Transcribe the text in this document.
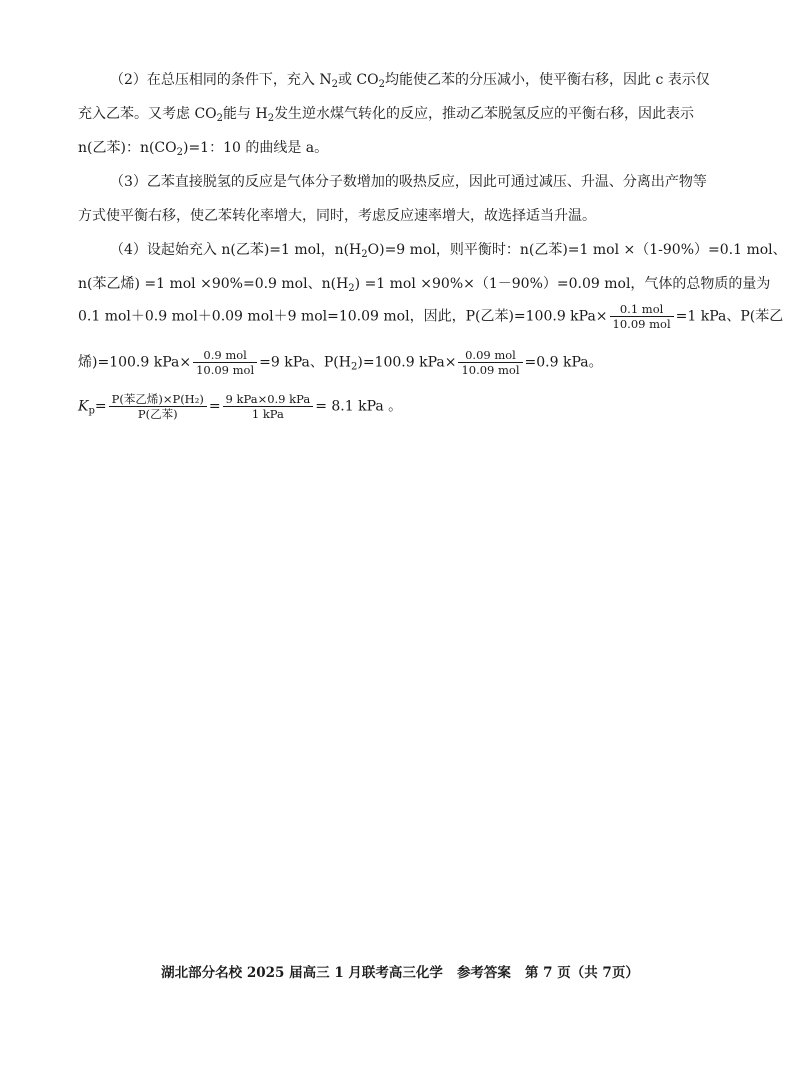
（2）在总压相同的条件下，充入 $N_2$或 $CO_2$均能使乙苯的分压减小，使平衡右移，因此 c 表示仅
充入乙苯。又考虑 $CO_2$能与 $H_2$发生逆水煤气转化的反应，推动乙苯脱氢反应的平衡右移，因此表示
n(乙苯)：$n(CO_2)=1$：10 的曲线是 a。
（3）乙苯直接脱氢的反应是气体分子数增加的吸热反应，因此可通过减压、升温、分离出产物等
方式使平衡右移，使乙苯转化率增大，同时，考虑反应速率增大，故选择适当升温。
（4）设起始充入 n(乙苯)=1 mol，$n(H_2O)=9$ mol，则平衡时：n(乙苯)=1 mol ×（1-90%）=0.1 mol、
n(苯乙烯) =1 mol ×90%=0.9 mol、$n(H_2) =1$ mol ×90%×（1－90%）=0.09 mol，气体的总物质的量为
0.1 mol＋0.9 mol＋0.09 mol＋9 mol=10.09 mol，因此，P(乙苯)=100.9 $kPa\times \frac{\text{0.1 mol}}{\text{10.09 mol}} =1$ kPa、P(苯乙
烯)=100.9 $kPa\times \frac{\text{0.9 mol}}{\text{10.09 mol}} =9$ kPa、$P(H_2)=100.9$ $kPa\times \frac{\text{0.09 mol}}{\text{10.09 mol}} =0.9$ kPa。
$K_p= \frac{\text{P(苯乙烯)×P(H₂)}}{\text{P(乙苯)}} = \frac{\text{9 kPa×0.9 kPa}}{\text{1 kPa}} = 8.1$ kPa 。
湖北部分名校 2025 届高三 1 月联考高三化学 参考答案 第 7 页（共 7页）
